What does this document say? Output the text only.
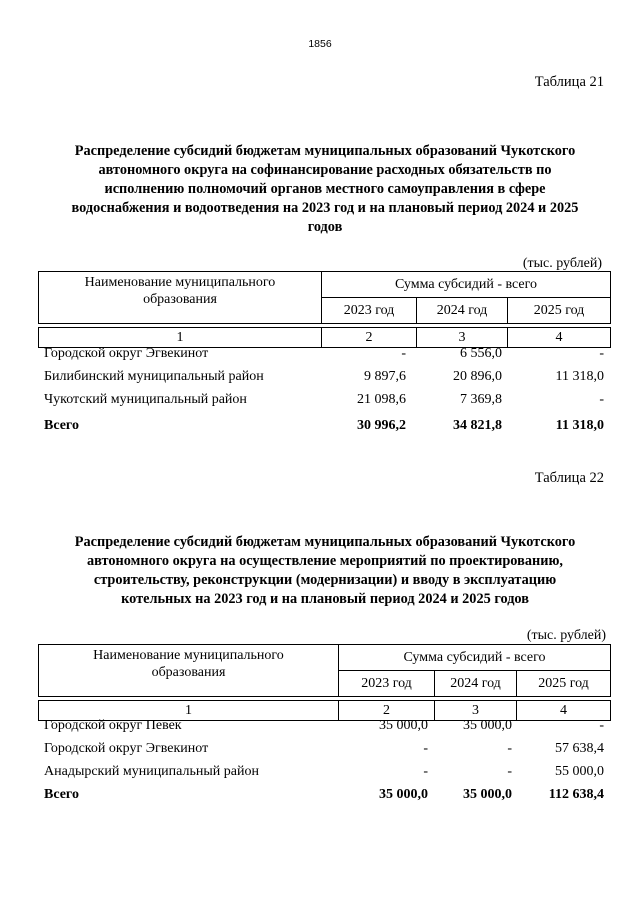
1856
Таблица 21
Распределение субсидий бюджетам муниципальных образований Чукотского
автономного округа на софинансирование расходных обязательств по
исполнению полномочий органов местного самоуправления в сфере
водоснабжения и водоотведения на 2023 год и на плановый период 2024 и 2025
годов
(тыс. рублей)
Наименование муниципального
образования	Сумма субсидий - всего		
	2023 год	2024 год	2025 год

1	2	3	4
Городской округ Эгвекинот	-	6 556,0	-
Билибинский муниципальный район	9 897,6	20 896,0	11 318,0
Чукотский муниципальный район	21 098,6	7 369,8	-
Всего	30 996,2	34 821,8	11 318,0
Таблица 22
Распределение субсидий бюджетам муниципальных образований Чукотского
автономного округа на осуществление мероприятий по проектированию,
строительству, реконструкции (модернизации) и вводу в эксплуатацию
котельных на 2023 год и на плановый период 2024 и 2025 годов
(тыс. рублей)
Наименование муниципального
образования	Сумма субсидий - всего		
	2023 год	2024 год	2025 год

1	2	3	4
Городской округ Певек	35 000,0	35 000,0	-
Городской округ Эгвекинот	-	-	57 638,4
Анадырский муниципальный район	-	-	55 000,0
Всего	35 000,0	35 000,0	112 638,4
